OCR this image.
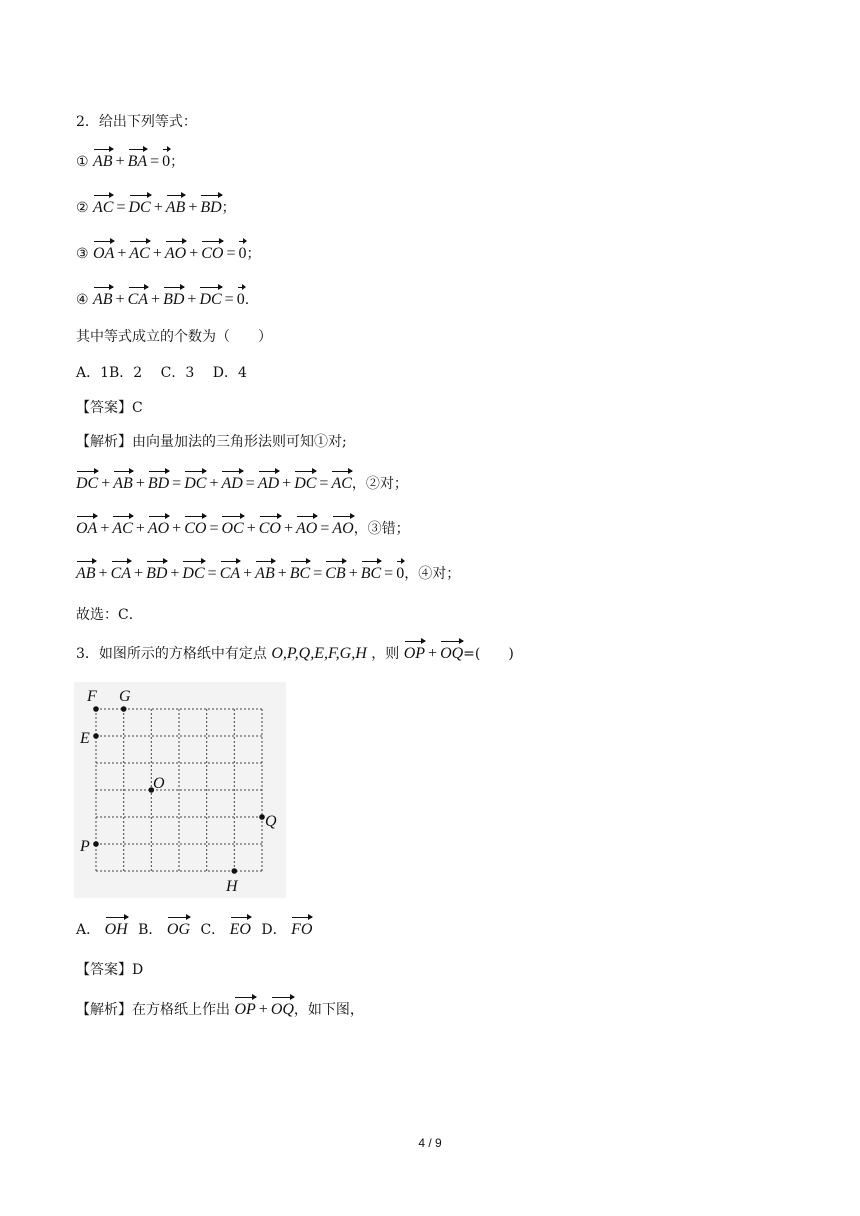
2．给出下列等式：
① AB + BA = 0；
② AC = DC + AB + BD；
③ OA + AC + AO + CO = 0；
④ AB + CA + BD + DC = 0.
其中等式成立的个数为（　　）
A．1B．2　 C．3　 D．4
【答案】C
【解析】由向量加法的三角形法则可知①对;
DC + AB + BD = DC + AD = AD + DC = AC，②对；
OA + AC + AO + CO = OC + CO + AO = AO，③错；
AB + CA + BD + DC = CA + AB + BC = CB + BC = 0，④对；
故选：C．
3．如图所示的方格纸中有定点 O,P,Q,E,F,G,H ，则 OP + OQ=(　　)
F G
E
O
Q
P
H
A． OH B． OG C． EO D． FO
【答案】D
【解析】在方格纸上作出 OP + OQ，如下图，
4 / 9
